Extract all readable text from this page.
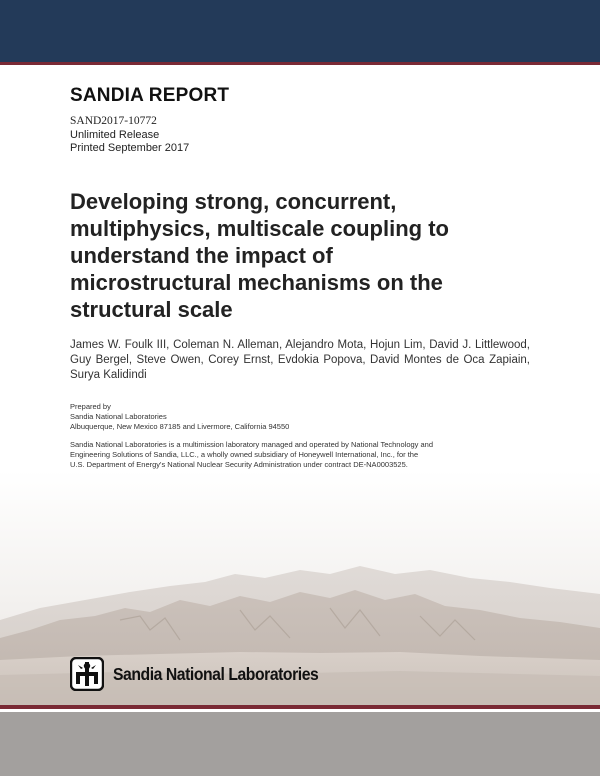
SANDIA REPORT
SAND2017-10772
Unlimited Release
Printed September 2017
Developing strong, concurrent,
multiphysics, multiscale coupling to
understand the impact of
microstructural mechanisms on the
structural scale
James W. Foulk III, Coleman N. Alleman, Alejandro Mota, Hojun Lim, David J. Littlewood, Guy Bergel, Steve Owen, Corey Ernst, Evdokia Popova, David Montes de Oca Zapiain, Surya Kalidindi
Prepared by
Sandia National Laboratories
Albuquerque, New Mexico 87185 and Livermore, California 94550
Sandia National Laboratories is a multimission laboratory managed and operated by National Technology and
Engineering Solutions of Sandia, LLC., a wholly owned subsidiary of Honeywell International, Inc., for the
U.S. Department of Energy's National Nuclear Security Administration under contract DE-NA0003525.
Sandia National Laboratories
